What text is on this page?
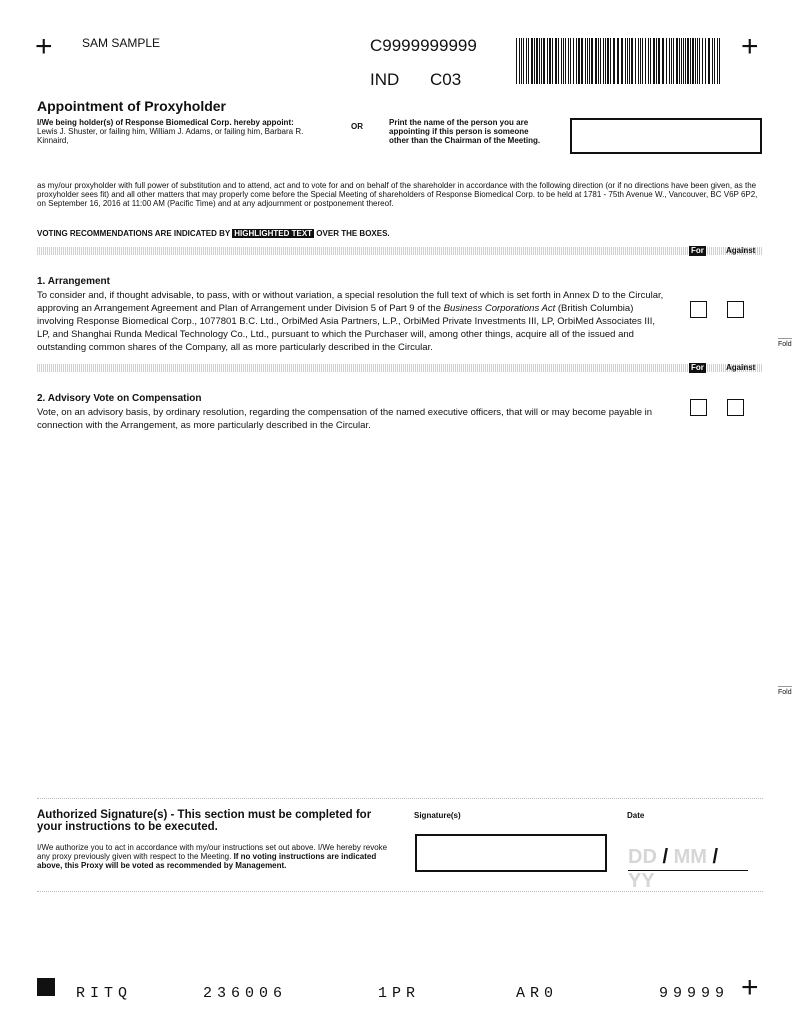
+	+
+
SAM SAMPLE	C9999999999
IND C03
Appointment of Proxyholder
I/We being holder(s) of Response Biomedical Corp. hereby appoint:
Lewis J. Shuster, or failing him, William J. Adams, or failing him, Barbara R. Kinnaird,
OR	Print the name of the person you are appointing if this person is someone other than the Chairman of the Meeting.
as my/our proxyholder with full power of substitution and to attend, act and to vote for and on behalf of the shareholder in accordance with the following direction (or if no directions have been given, as the proxyholder sees fit) and all other matters that may properly come before the Special Meeting of shareholders of Response Biomedical Corp. to be held at 1781 - 75th Avenue W., Vancouver, BC V6P 6P2, on September 16, 2016 at 11:00 AM (Pacific Time) and at any adjournment or postponement thereof.
VOTING RECOMMENDATIONS ARE INDICATED BY HIGHLIGHTED TEXT OVER THE BOXES.
For	Against
1. Arrangement
To consider and, if thought advisable, to pass, with or without variation, a special resolution the full text of which is set forth in Annex D to the Circular, approving an Arrangement Agreement and Plan of Arrangement under Division 5 of Part 9 of the Business Corporations Act (British Columbia) involving Response Biomedical Corp., 1077801 B.C. Ltd., OrbiMed Asia Partners, L.P., OrbiMed Private Investments III, LP, OrbiMed Associates III, LP, and Shanghai Runda Medical Technology Co., Ltd., pursuant to which the Purchaser will, among other things, acquire all of the issued and outstanding common shares of the Company, all as more particularly described in the Circular.
For	Against
2. Advisory Vote on Compensation
Vote, on an advisory basis, by ordinary resolution, regarding the compensation of the named executive officers, that will or may become payable in connection with the Arrangement, as more particularly described in the Circular.
Fold
Fold
Authorized Signature(s) - This section must be completed for your instructions to be executed.
I/We authorize you to act in accordance with my/our instructions set out above. I/We hereby revoke any proxy previously given with respect to the Meeting. If no voting instructions are indicated above, this Proxy will be voted as recommended by Management.
Signature(s)	Date
DD / MM / YY
RITQ	236006	1PR	AR0	99999
